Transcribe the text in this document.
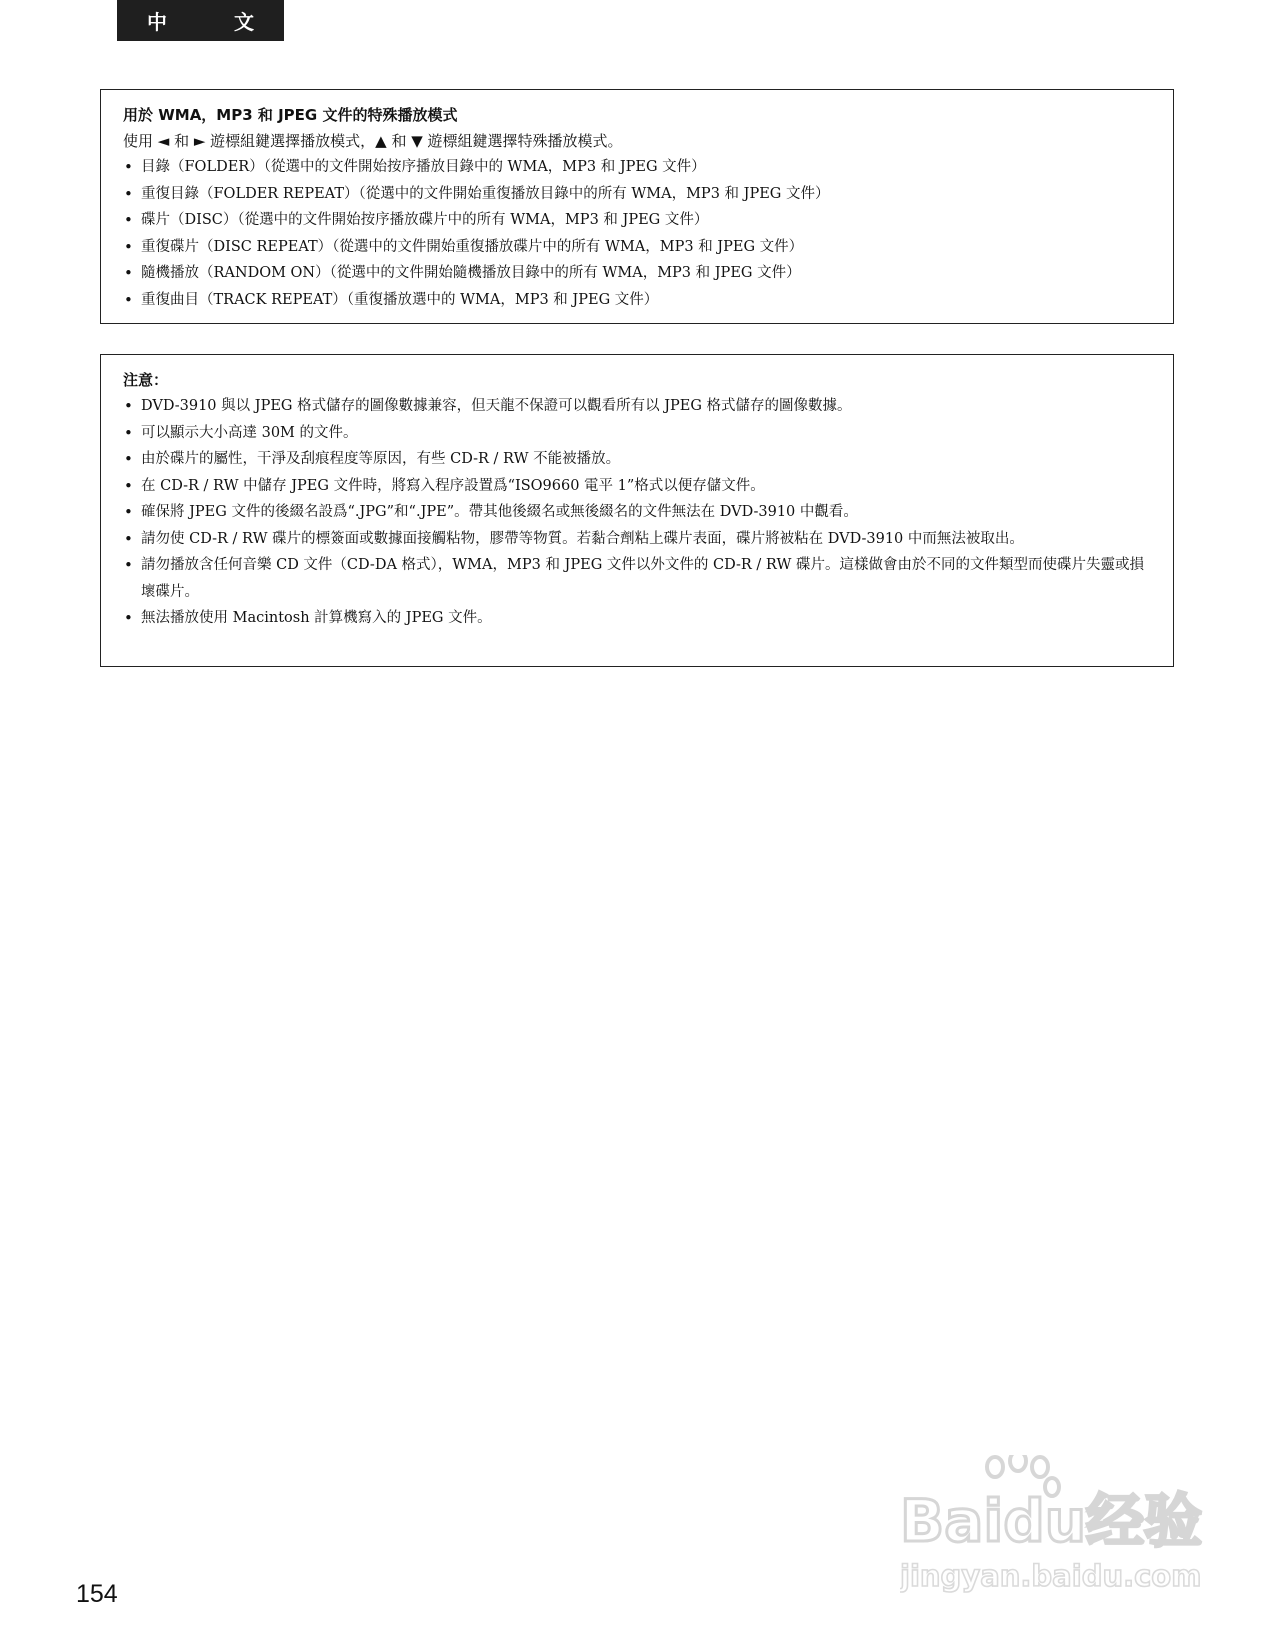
中 文

用於 WMA，MP3 和 JPEG 文件的特殊播放模式

使用 ◄ 和 ► 遊標組鍵選擇播放模式，▲ 和 ▼ 遊標組鍵選擇特殊播放模式。

• 目錄（FOLDER）（從選中的文件開始按序播放目錄中的 WMA，MP3 和 JPEG 文件）
• 重復目錄（FOLDER REPEAT）（從選中的文件開始重復播放目錄中的所有 WMA，MP3 和 JPEG 文件）
• 碟片（DISC）（從選中的文件開始按序播放碟片中的所有 WMA，MP3 和 JPEG 文件）
• 重復碟片（DISC REPEAT）（從選中的文件開始重復播放碟片中的所有 WMA，MP3 和 JPEG 文件）
• 隨機播放（RANDOM ON）（從選中的文件開始隨機播放目錄中的所有 WMA，MP3 和 JPEG 文件）
• 重復曲目（TRACK REPEAT）（重復播放選中的 WMA，MP3 和 JPEG 文件）

注意：

• DVD-3910 與以 JPEG 格式儲存的圖像數據兼容，但天龍不保證可以觀看所有以 JPEG 格式儲存的圖像數據。
• 可以顯示大小高達 30M 的文件。
• 由於碟片的屬性，干淨及刮痕程度等原因，有些 CD-R / RW 不能被播放。
• 在 CD-R / RW 中儲存 JPEG 文件時，將寫入程序設置爲“ISO9660 電平 1”格式以便存儲文件。
• 確保將 JPEG 文件的後綴名設爲“.JPG”和“.JPE”。帶其他後綴名或無後綴名的文件無法在 DVD-3910 中觀看。
• 請勿使 CD-R / RW 碟片的標簽面或數據面接觸粘物，膠帶等物質。若黏合劑粘上碟片表面，碟片將被粘在 DVD-3910 中而無法被取出。
• 請勿播放含任何音樂 CD 文件（CD-DA 格式），WMA，MP3 和 JPEG 文件以外文件的 CD-R / RW 碟片。這樣做會由於不同的文件類型而使碟片失靈或損壞碟片。
• 無法播放使用 Macintosh 計算機寫入的 JPEG 文件。
154
Baidu经验
jingyan.baidu.com
